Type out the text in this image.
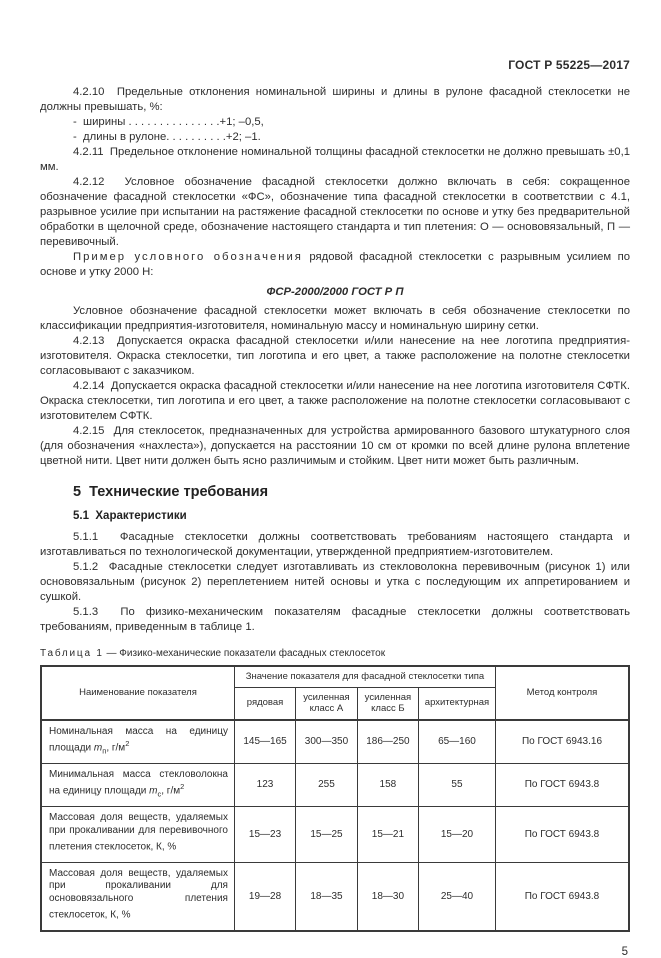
ГОСТ Р 55225—2017

4.2.10  Предельные отклонения номинальной ширины и длины в рулоне фасадной стеклосетки не должны превышать, %:

-  ширины . . . . . . . . . . . . . . .+1; –0,5,

-  длины в рулоне. . . . . . . . . .+2; –1.

4.2.11  Предельное отклонение номинальной толщины фасадной стеклосетки не должно превышать ±0,1 мм.

4.2.12  Условное обозначение фасадной стеклосетки должно включать в себя: сокращенное обозначение фасадной стеклосетки «ФС», обозначение типа фасадной стеклосетки в соответствии с 4.1, разрывное усилие при испытании на растяжение фасадной стеклосетки по основе и утку без предварительной обработки в щелочной среде, обозначение настоящего стандарта и тип плетения: О — основовязальный, П — перевивочный.

Пример условного обозначения рядовой фасадной стеклосетки с разрывным усилием по основе и утку 2000 Н:

ФСР-2000/2000 ГОСТ Р П

Условное обозначение фасадной стеклосетки может включать в себя обозначение стеклосетки по классификации предприятия-изготовителя, номинальную массу и номинальную ширину сетки.

4.2.13  Допускается окраска фасадной стеклосетки и/или нанесение на нее логотипа предприятия-изготовителя. Окраска стеклосетки, тип логотипа и его цвет, а также расположение на полотне стеклосетки согласовывают с заказчиком.

4.2.14  Допускается окраска фасадной стеклосетки и/или нанесение на нее логотипа изготовителя СФТК. Окраска стеклосетки, тип логотипа и его цвет, а также расположение на полотне стеклосетки согласовывают с изготовителем СФТК.

4.2.15  Для стеклосеток, предназначенных для устройства армированного базового штукатурного слоя (для обозначения «нахлеста»), допускается на расстоянии 10 см от кромки по всей длине рулона вплетение цветной нити. Цвет нити должен быть ясно различимым и стойким. Цвет нити может быть различным.

5  Технические требования
5.1  Характеристики

5.1.1  Фасадные стеклосетки должны соответствовать требованиям настоящего стандарта и изготавливаться по технологической документации, утвержденной предприятием-изготовителем.

5.1.2  Фасадные стеклосетки следует изготавливать из стекловолокна перевивочным (рисунок 1) или основовязальным (рисунок 2) переплетением нитей основы и утка с последующим их аппретированием и сушкой.

5.1.3  По физико-механическим показателям фасадные стеклосетки должны соответствовать требованиям, приведенным в таблице 1.

Таблица 1 — Физико-механические показатели фасадных стеклосеток

Наименование показателя	Значение показателя для фасадной стеклосетки типа				Метод контроля
	рядовая	усиленная класс А	усиленная класс Б	архитектурная	
Номинальная масса на единицу площади $m_п$, $г/м^2$	145—165	300—350	186—250	65—160	По ГОСТ 6943.16
Минимальная масса стекловолокна на единицу площади $m_с$, $г/м^2$	123	255	158	55	По ГОСТ 6943.8
Массовая доля веществ, удаляемых при прокаливании для перевивочного плетения стеклосеток, К, %	15—23	15—25	15—21	15—20	По ГОСТ 6943.8
Массовая доля веществ, удаляемых при прокаливании для основовязального плетения стеклосеток, К, %	19—28	18—35	18—30	25—40	По ГОСТ 6943.8
5
